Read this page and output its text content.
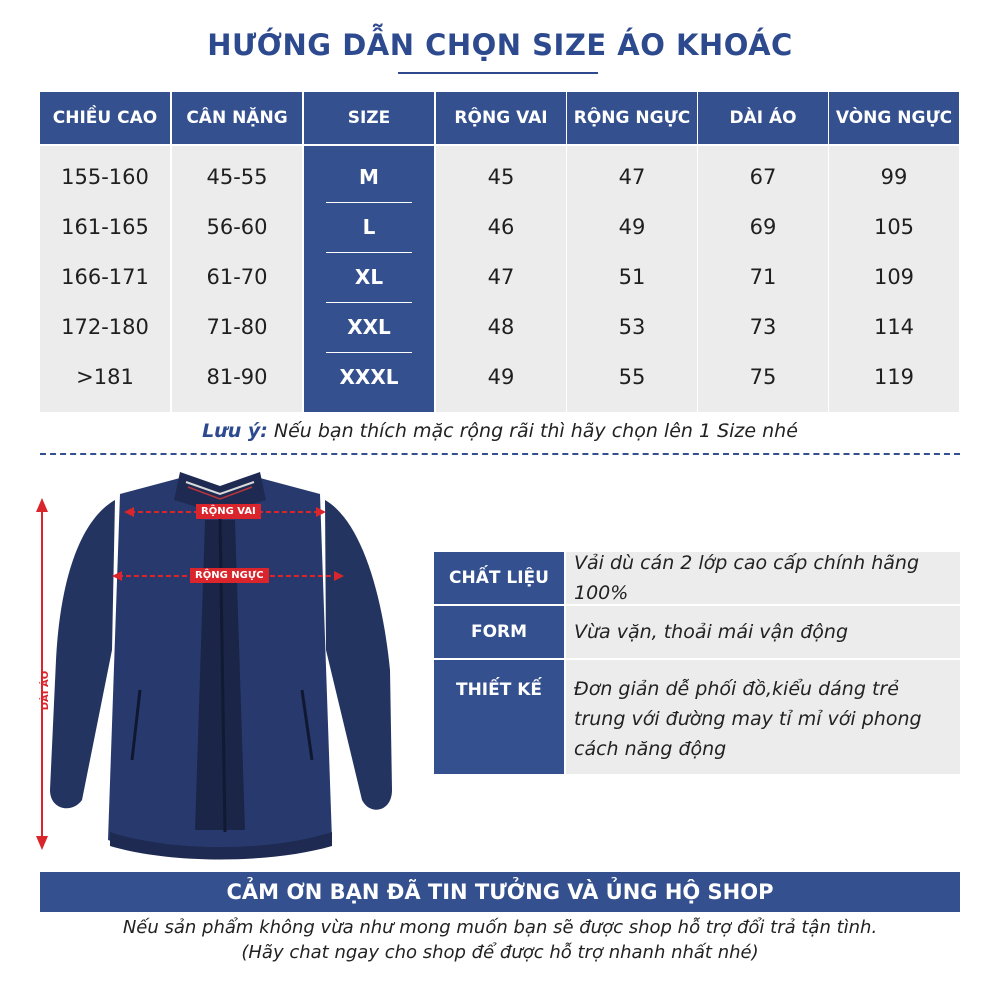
HƯỚNG DẪN CHỌN SIZE ÁO KHOÁC
CHIỀU CAO
155-160
161-165
166-171
172-180
>181
CÂN NẶNG
45-55
56-60
61-70
71-80
81-90
SIZE
M
L
XL
XXL
XXXL
RỘNG VAI
45
46
47
48
49
RỘNG NGỰC
47
49
51
53
55
DÀI ÁO
67
69
71
73
75
VÒNG NGỰC
99
105
109
114
119
Lưu ý: Nếu bạn thích mặc rộng rãi thì hãy chọn lên 1 Size nhé
RỘNG VAI
RỘNG NGỰC
DÀI ÁO
CHẤT LIỆU
Vải dù cán 2 lớp cao cấp chính hãng 100%
FORM	Vừa vặn, thoải mái vận động
THIẾT KẾ	Đơn giản dễ phối đồ,kiểu dáng trẻ trung với đường may tỉ mỉ với phong cách năng động
CẢM ƠN BẠN ĐÃ TIN TƯỞNG VÀ ỦNG HỘ SHOP
Nếu sản phẩm không vừa như mong muốn bạn sẽ được shop hỗ trợ đổi trả tận tình.
(Hãy chat ngay cho shop để được hỗ trợ nhanh nhất nhé)
